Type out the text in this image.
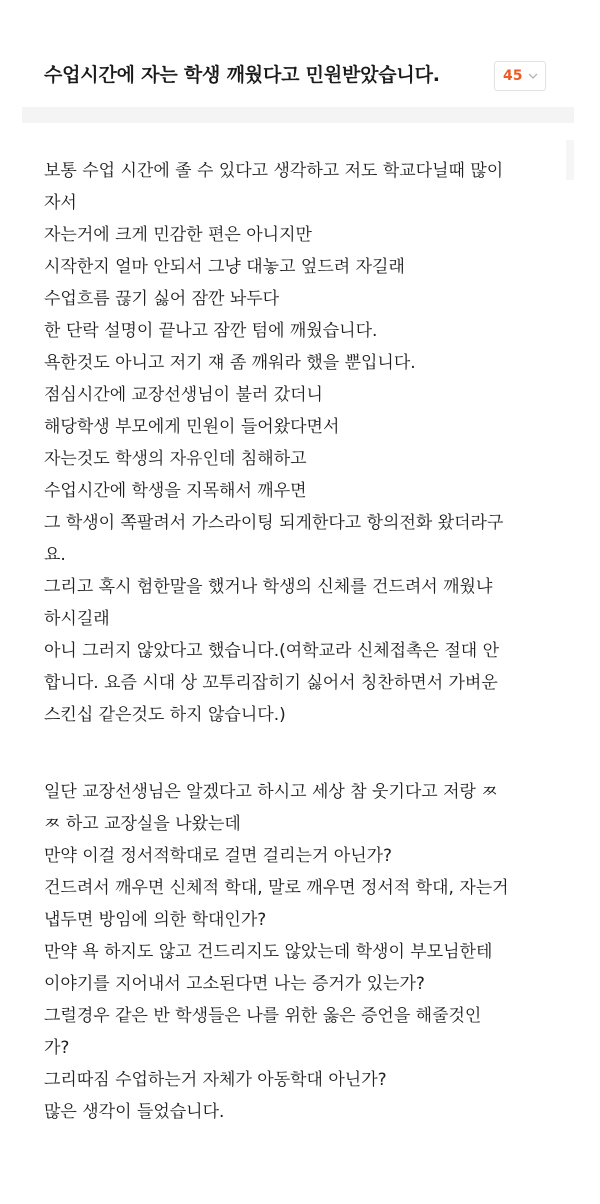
수업시간에 자는 학생 깨웠다고 민원받았습니다.	45
보통 수업 시간에 졸 수 있다고 생각하고 저도 학교다닐때 많이
자서
자는거에 크게 민감한 편은 아니지만
시작한지 얼마 안되서 그냥 대놓고 엎드려 자길래
수업흐름 끊기 싫어 잠깐 놔두다
한 단락 설명이 끝나고 잠깐 텀에 깨웠습니다.
욕한것도 아니고 저기 쟤 좀 깨워라 했을 뿐입니다.
점심시간에 교장선생님이 불러 갔더니
해당학생 부모에게 민원이 들어왔다면서
자는것도 학생의 자유인데 침해하고
수업시간에 학생을 지목해서 깨우면
그 학생이 쪽팔려서 가스라이팅 되게한다고 항의전화 왔더라구
요.
그리고 혹시 험한말을 했거나 학생의 신체를 건드려서 깨웠냐
하시길래
아니 그러지 않았다고 했습니다.(여학교라 신체접촉은 절대 안
합니다. 요즘 시대 상 꼬투리잡히기 싫어서 칭찬하면서 가벼운
스킨십 같은것도 하지 않습니다.)
일단 교장선생님은 알겠다고 하시고 세상 참 웃기다고 저랑 ㅉ
ㅉ 하고 교장실을 나왔는데
만약 이걸 정서적학대로 걸면 걸리는거 아닌가?
건드려서 깨우면 신체적 학대, 말로 깨우면 정서적 학대, 자는거
냅두면 방임에 의한 학대인가?
만약 욕 하지도 않고 건드리지도 않았는데 학생이 부모님한테
이야기를 지어내서 고소된다면 나는 증거가 있는가?
그럴경우 같은 반 학생들은 나를 위한 옳은 증언을 해줄것인
가?
그리따짐 수업하는거 자체가 아동학대 아닌가?
많은 생각이 들었습니다.
